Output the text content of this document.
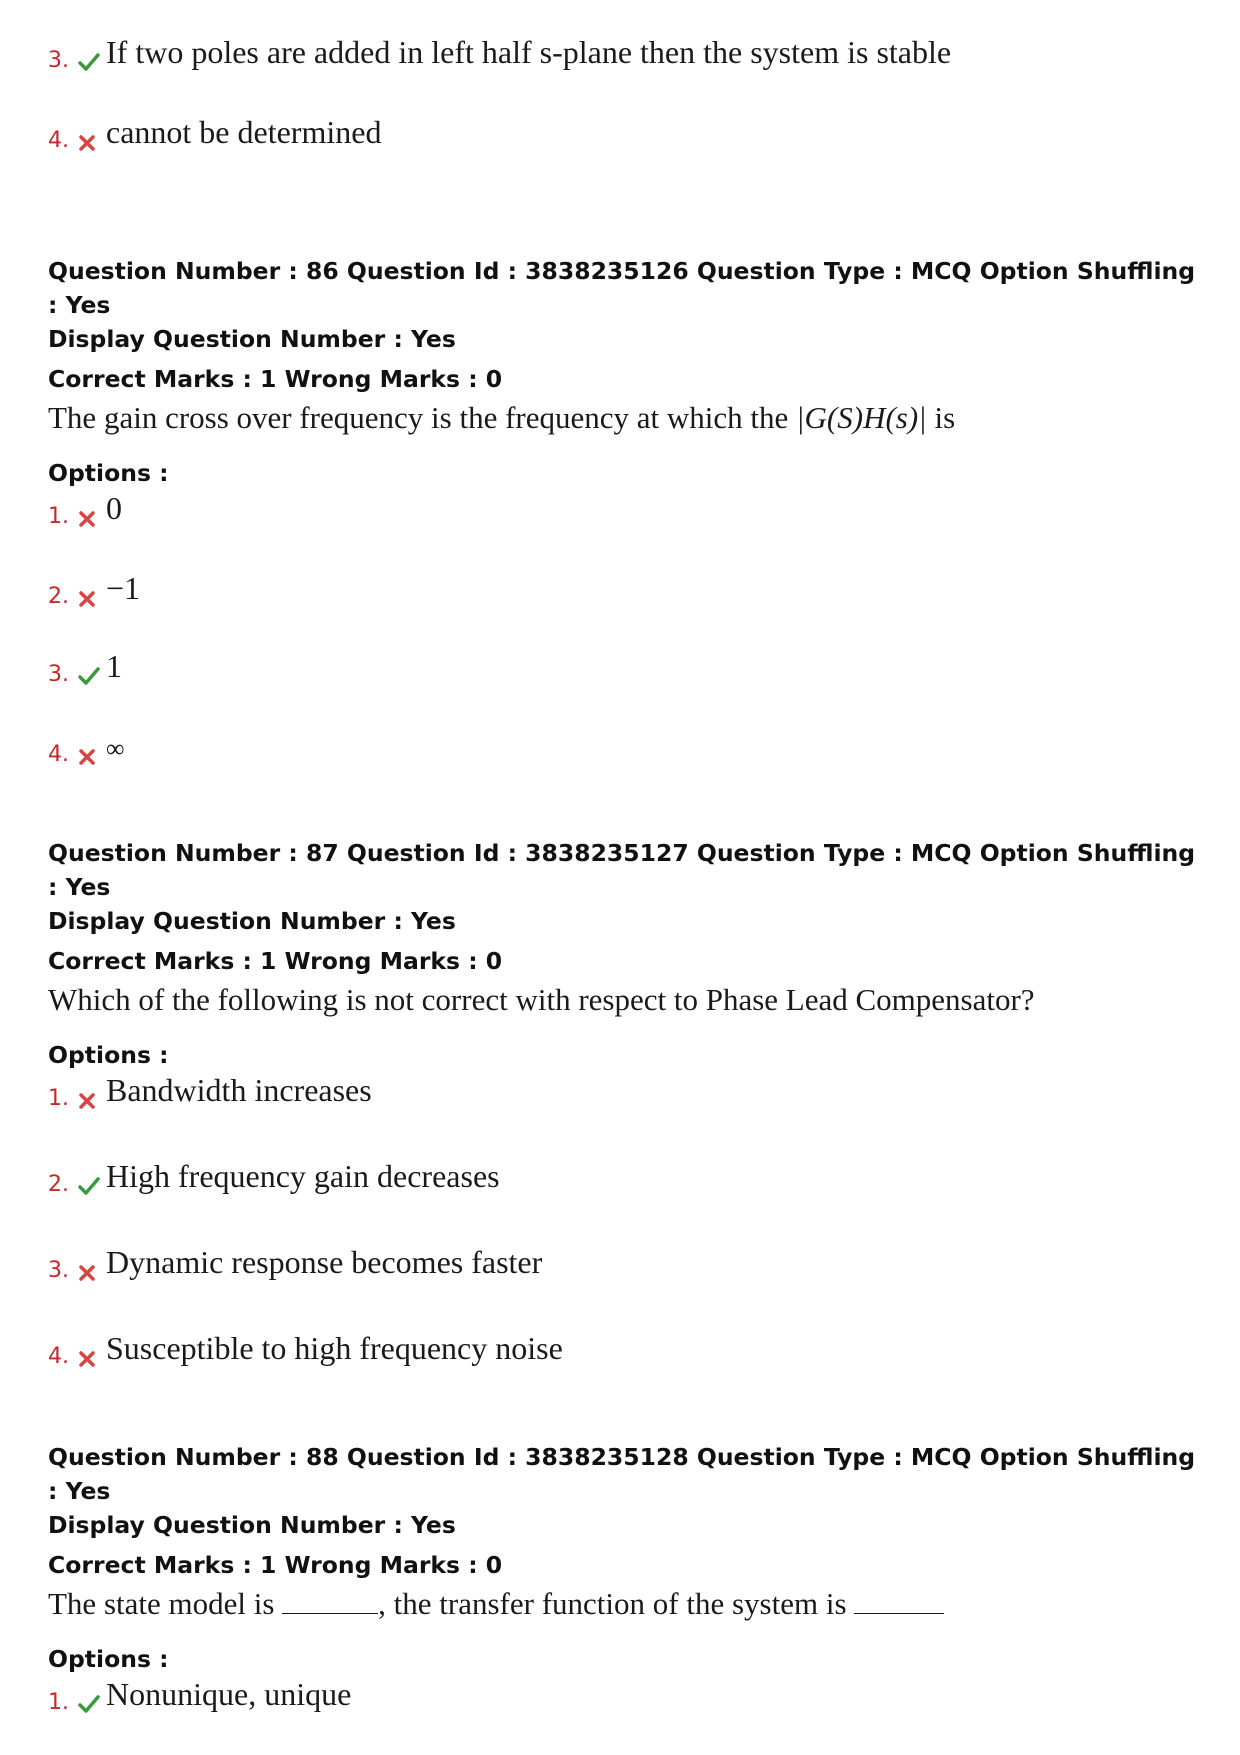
3. If two poles are added in left half s-plane then the system is stable
4. cannot be determined
Question Number : 86 Question Id : 3838235126 Question Type : MCQ Option Shuffling : Yes
Display Question Number : Yes
Correct Marks : 1 Wrong Marks : 0
The gain cross over frequency is the frequency at which the |G(S)H(s)| is
Options :
1. 0
2. −1
3. 1
4.	∞
Question Number : 87 Question Id : 3838235127 Question Type : MCQ Option Shuffling : Yes
Display Question Number : Yes
Correct Marks : 1 Wrong Marks : 0
Which of the following is not correct with respect to Phase Lead Compensator?
Options :
1. Bandwidth increases
2. High frequency gain decreases
3. Dynamic response becomes faster
4. Susceptible to high frequency noise
Question Number : 88 Question Id : 3838235128 Question Type : MCQ Option Shuffling : Yes
Display Question Number : Yes
Correct Marks : 1 Wrong Marks : 0
The state model is	, the transfer function of the system is
Options :
1. Nonunique, unique
